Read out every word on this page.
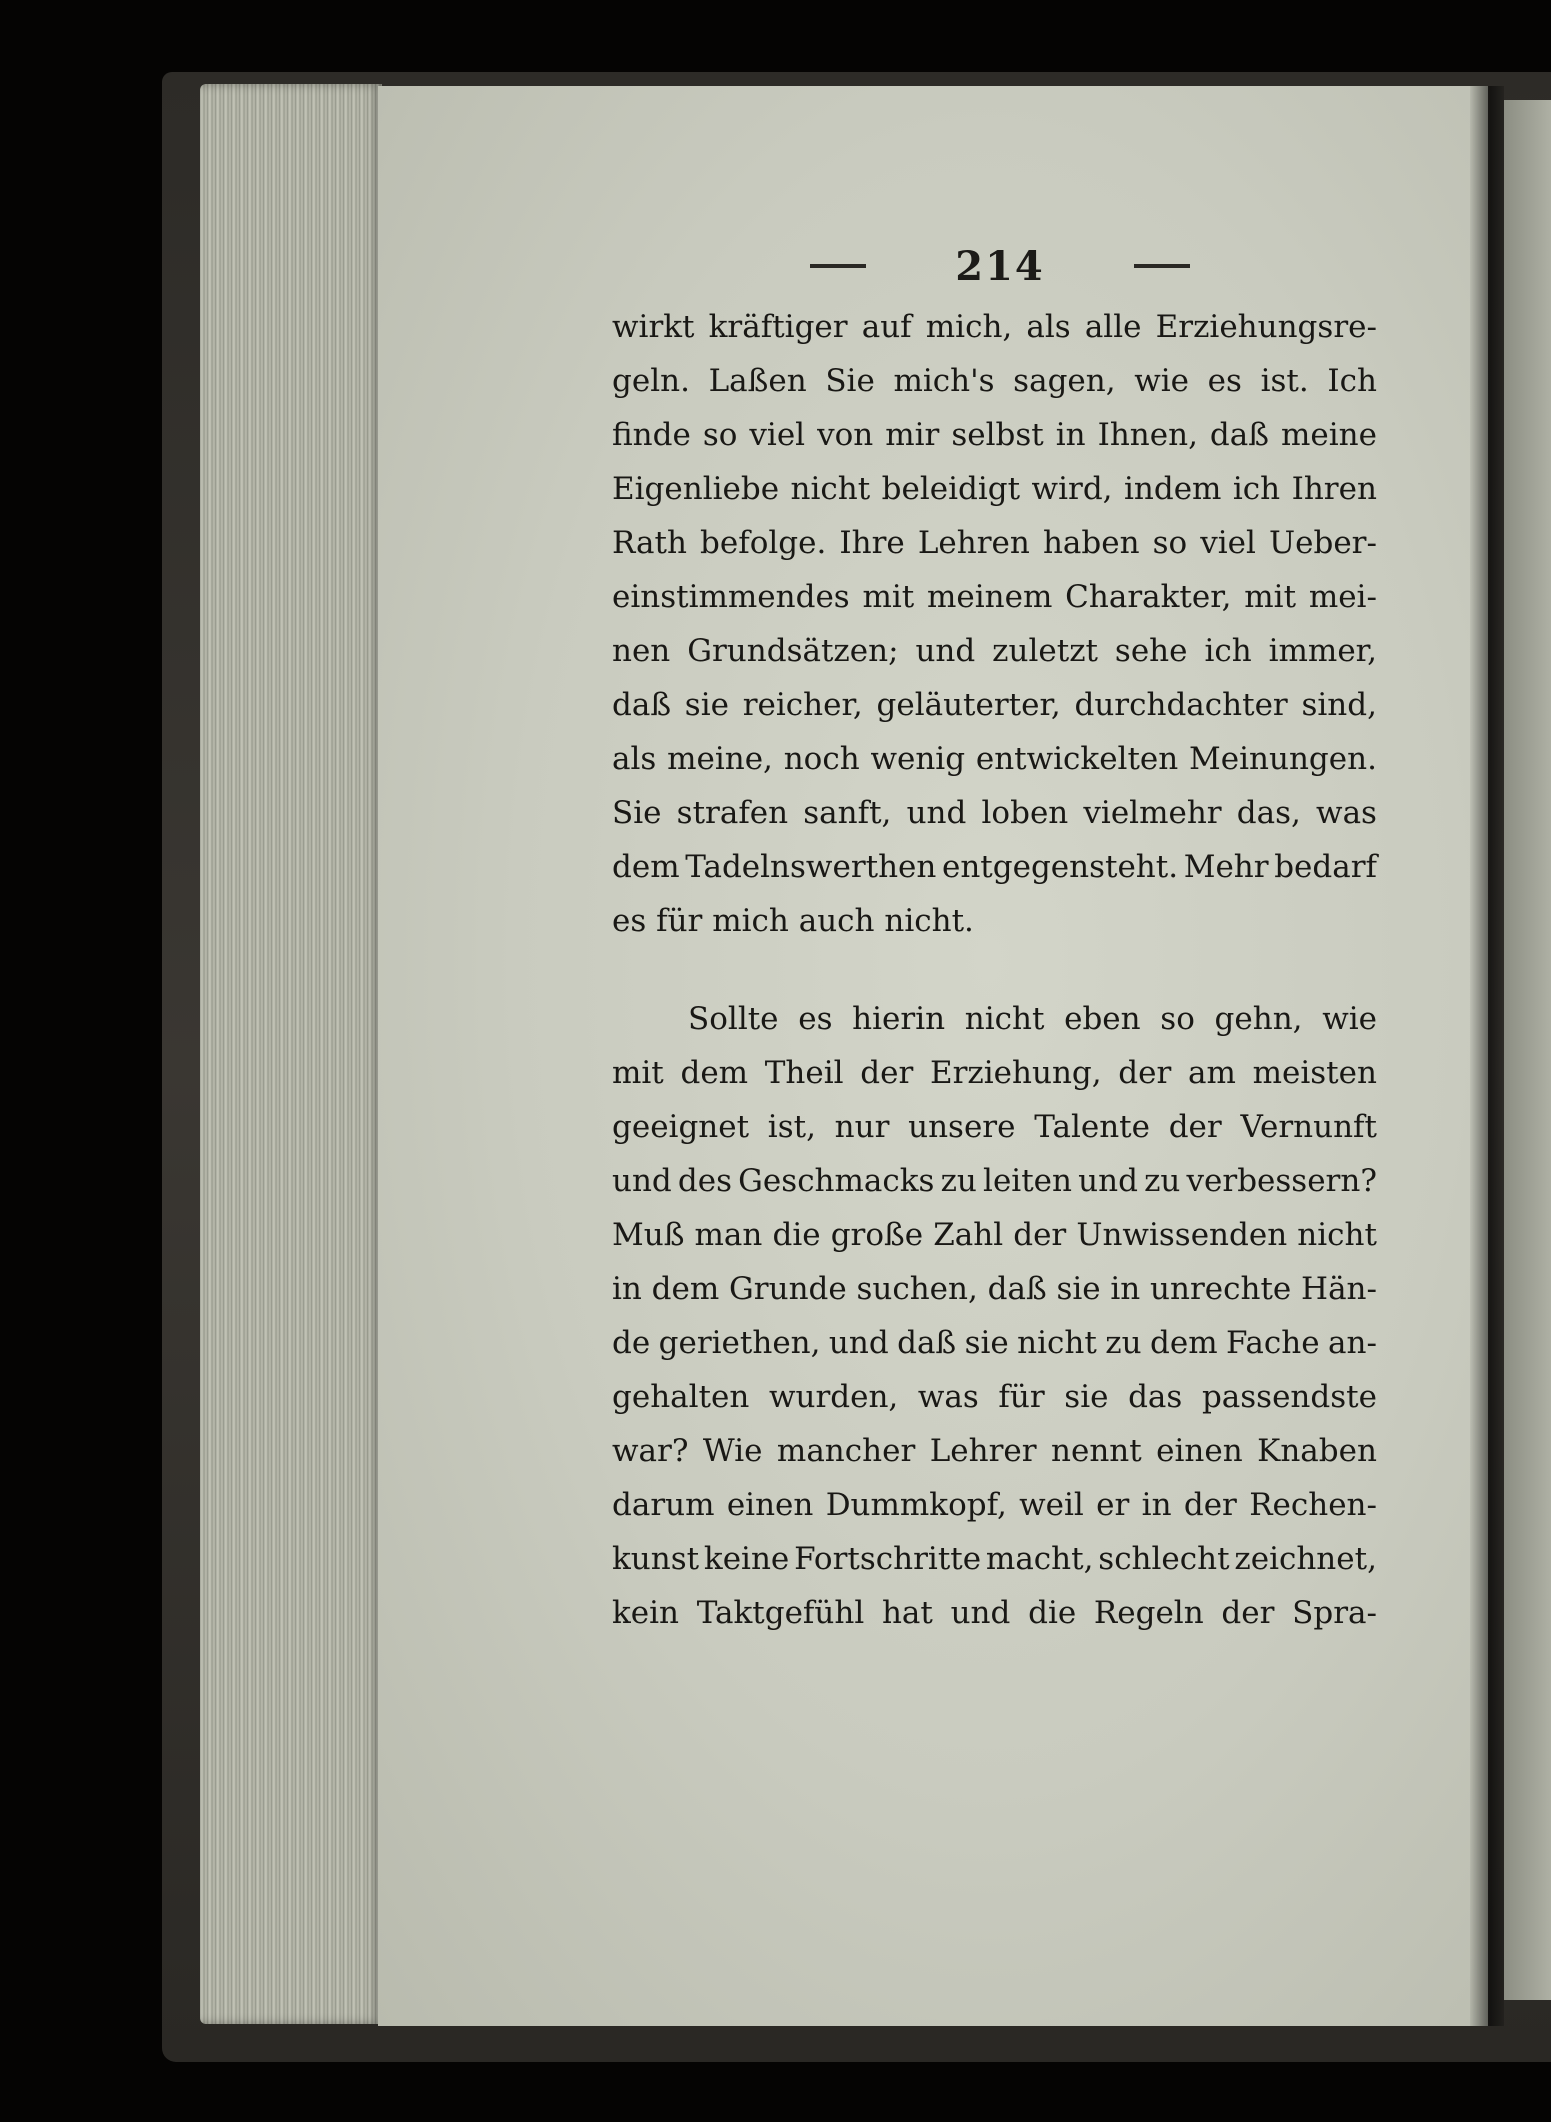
214
wirkt kräftiger auf mich, als alle Erziehungsre-
geln. Laßen Sie mich's sagen, wie es ist. Ich
finde so viel von mir selbst in Ihnen, daß meine
Eigenliebe nicht beleidigt wird, indem ich Ihren
Rath befolge. Ihre Lehren haben so viel Ueber-
einstimmendes mit meinem Charakter, mit mei-
nen Grundsätzen; und zuletzt sehe ich immer,
daß sie reicher, geläuterter, durchdachter sind,
als meine, noch wenig entwickelten Meinungen.
Sie strafen sanft, und loben vielmehr das, was
dem Tadelnswerthen entgegensteht. Mehr bedarf
es für mich auch nicht.
Sollte es hierin nicht eben so gehn, wie
mit dem Theil der Erziehung, der am meisten
geeignet ist, nur unsere Talente der Vernunft
und des Geschmacks zu leiten und zu verbessern?
Muß man die große Zahl der Unwissenden nicht
in dem Grunde suchen, daß sie in unrechte Hän-
de geriethen, und daß sie nicht zu dem Fache an-
gehalten wurden, was für sie das passendste
war? Wie mancher Lehrer nennt einen Knaben
darum einen Dummkopf, weil er in der Rechen-
kunst keine Fortschritte macht, schlecht zeichnet,
kein Taktgefühl hat und die Regeln der Spra-
